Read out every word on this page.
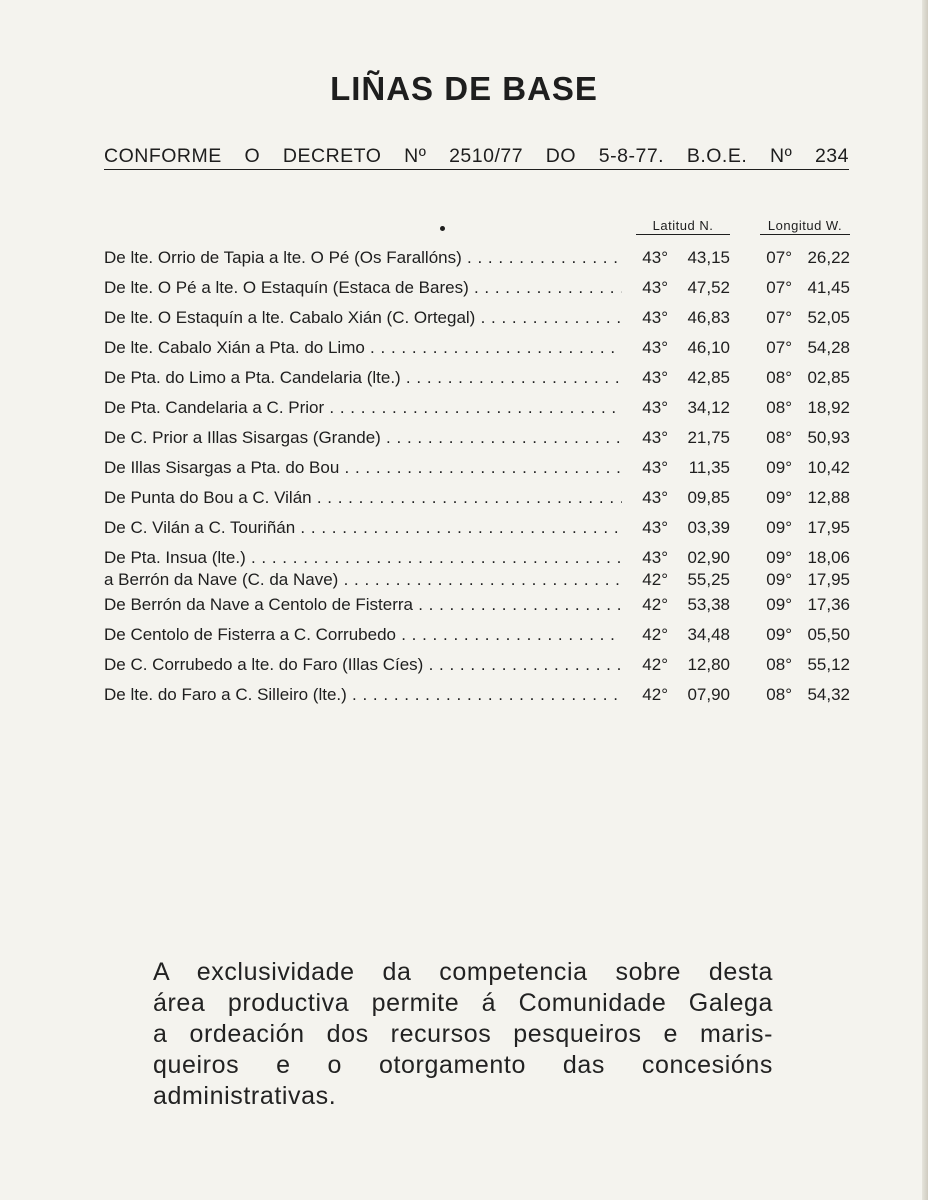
LIÑAS DE BASE
CONFORME O DECRETO Nº 2510/77 DO 5-8-77. B.O.E. Nº 234
Latitud N.	Longitud W.
De lte. Orrio de Tapia a lte. O Pé (Os Farallóns) . . .	43°	43,15	07° 26,22
De lte. O Pé a lte. O Estaquín (Estaca de Bares) . . .	43°	47,52	07° 41,45
De lte. O Estaquín a lte. Cabalo Xián (C. Ortegal) . . .	43°	46,83	07° 52,05
De lte. Cabalo Xián a Pta. do Limo . . .	43°	46,10	07° 54,28
De Pta. do Limo a Pta. Candelaria (lte.) . . .	43°	42,85	08° 02,85
De Pta. Candelaria a C. Prior . . .	43°	34,12	08° 18,92
De C. Prior a Illas Sisargas (Grande) . . .	43°	21,75	08° 50,93
De Illas Sisargas a Pta. do Bou . . .	43°	11,35	09° 10,42
De Punta do Bou a C. Vilán . . .	43°	09,85	09° 12,88
De C. Vilán a C. Touriñán . . .	43°	03,39	09° 17,95
De Pta. Insua (lte.) . . .	43°	02,90	09° 18,06
a Berrón da Nave (C. da Nave) . . .	42°	55,25	09° 17,95
De Berrón da Nave a Centolo de Fisterra . . .	42°	53,38	09° 17,36
De Centolo de Fisterra a C. Corrubedo . . .	42°	34,48	09° 05,50
De C. Corrubedo a lte. do Faro (Illas Cíes) . . .	42°	12,80	08° 55,12
De lte. do Faro a C. Silleiro (lte.) . . .	42°	07,90	08° 54,32
A exclusividade da competencia sobre desta
área productiva permite á Comunidade Galega
a ordeación dos recursos pesqueiros e maris-
queiros e o otorgamento das concesións
administrativas.
